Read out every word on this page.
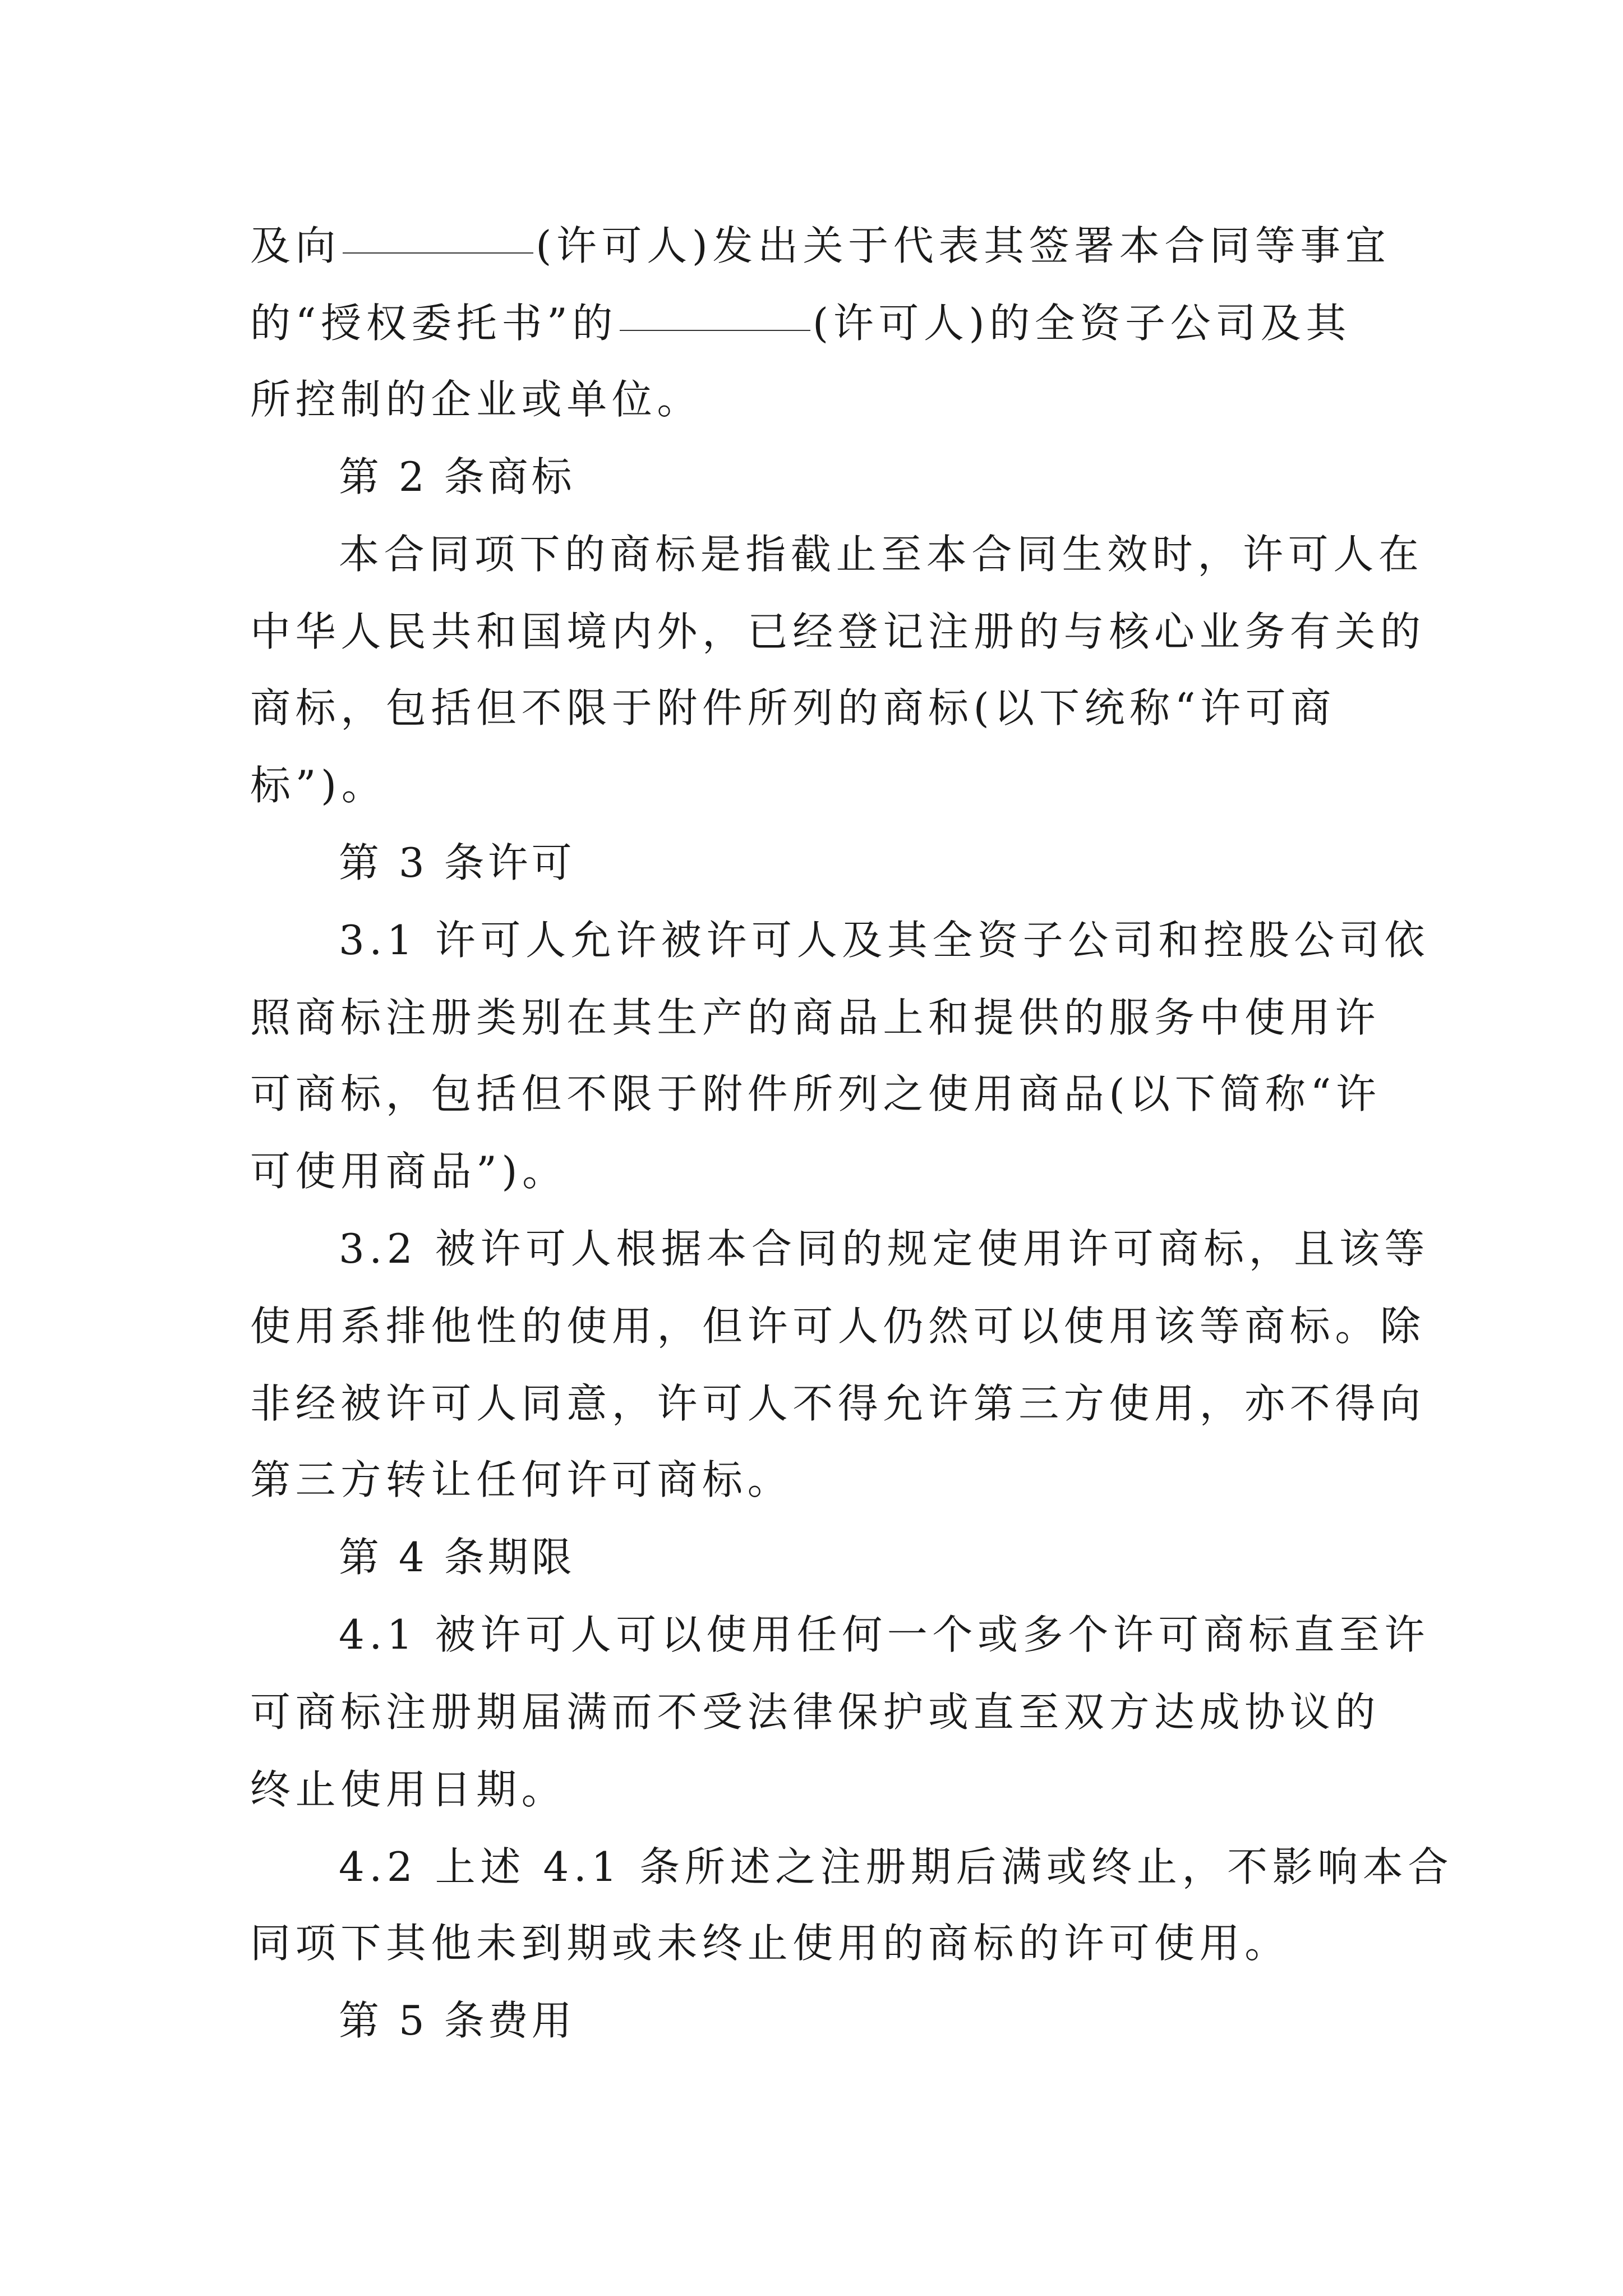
及向	(许可人)发出关于代表其签署本合同等事宜
的“授权委托书”的	(许可人)的全资子公司及其
所控制的企业或单位。
第 2 条商标
本合同项下的商标是指截止至本合同生效时，许可人在
中华人民共和国境内外，已经登记注册的与核心业务有关的
商标，包括但不限于附件所列的商标(以下统称“许可商
标”)。
第 3 条许可
3.1 许可人允许被许可人及其全资子公司和控股公司依
照商标注册类别在其生产的商品上和提供的服务中使用许
可商标，包括但不限于附件所列之使用商品(以下简称“许
可使用商品”)。
3.2 被许可人根据本合同的规定使用许可商标，且该等
使用系排他性的使用，但许可人仍然可以使用该等商标。除
非经被许可人同意，许可人不得允许第三方使用，亦不得向
第三方转让任何许可商标。
第 4 条期限
4.1 被许可人可以使用任何一个或多个许可商标直至许
可商标注册期届满而不受法律保护或直至双方达成协议的
终止使用日期。
4.2 上述 4.1 条所述之注册期后满或终止，不影响本合
同项下其他未到期或未终止使用的商标的许可使用。
第 5 条费用
